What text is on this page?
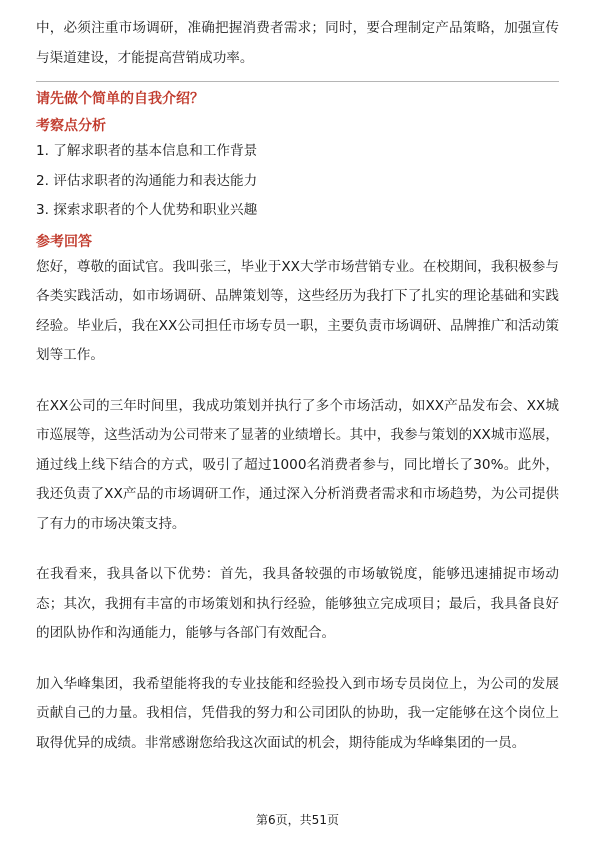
中，必须注重市场调研，准确把握消费者需求；同时，要合理制定产品策略，加强宣传与渠道建设，才能提高营销成功率。

请先做个简单的自我介绍？

考察点分析

1. 了解求职者的基本信息和工作背景
2. 评估求职者的沟通能力和表达能力
3. 探索求职者的个人优势和职业兴趣

参考回答

您好，尊敬的面试官。我叫张三，毕业于XX大学市场营销专业。在校期间，我积极参与各类实践活动，如市场调研、品牌策划等，这些经历为我打下了扎实的理论基础和实践经验。毕业后，我在XX公司担任市场专员一职，主要负责市场调研、品牌推广和活动策划等工作。

在XX公司的三年时间里，我成功策划并执行了多个市场活动，如XX产品发布会、XX城市巡展等，这些活动为公司带来了显著的业绩增长。其中，我参与策划的XX城市巡展，通过线上线下结合的方式，吸引了超过1000名消费者参与，同比增长了30%。此外，我还负责了XX产品的市场调研工作，通过深入分析消费者需求和市场趋势，为公司提供了有力的市场决策支持。

在我看来，我具备以下优势：首先，我具备较强的市场敏锐度，能够迅速捕捉市场动态；其次，我拥有丰富的市场策划和执行经验，能够独立完成项目；最后，我具备良好的团队协作和沟通能力，能够与各部门有效配合。

加入华峰集团，我希望能将我的专业技能和经验投入到市场专员岗位上，为公司的发展贡献自己的力量。我相信，凭借我的努力和公司团队的协助，我一定能够在这个岗位上取得优异的成绩。非常感谢您给我这次面试的机会，期待能成为华峰集团的一员。

第6页，共51页
